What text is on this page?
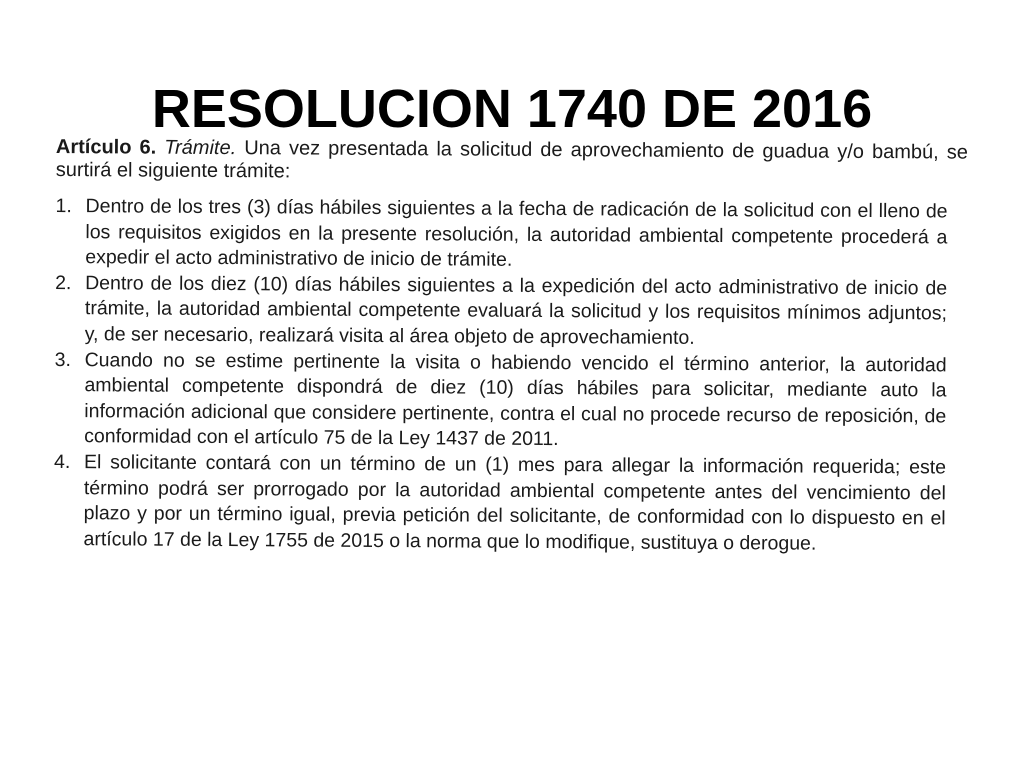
RESOLUCION 1740 DE 2016

Artículo 6. Trámite. Una vez presentada la solicitud de aprovechamiento de guadua y/o bambú, se surtirá el siguiente trámite:

1. Dentro de los tres (3) días hábiles siguientes a la fecha de radicación de la solicitud con el lleno de los requisitos exigidos en la presente resolución, la autoridad ambiental competente procederá a expedir el acto administrativo de inicio de trámite.
2. Dentro de los diez (10) días hábiles siguientes a la expedición del acto administrativo de inicio de trámite, la autoridad ambiental competente evaluará la solicitud y los requisitos mínimos adjuntos; y, de ser necesario, realizará visita al área objeto de aprovechamiento.
3. Cuando no se estime pertinente la visita o habiendo vencido el término anterior, la autoridad ambiental competente dispondrá de diez (10) días hábiles para solicitar, mediante auto la información adicional que considere pertinente, contra el cual no procede recurso de reposición, de conformidad con el artículo 75 de la Ley 1437 de 2011.
4. El solicitante contará con un término de un (1) mes para allegar la información requerida; este término podrá ser prorrogado por la autoridad ambiental competente antes del vencimiento del plazo y por un término igual, previa petición del solicitante, de conformidad con lo dispuesto en el artículo 17 de la Ley 1755 de 2015 o la norma que lo modifique, sustituya o derogue.
